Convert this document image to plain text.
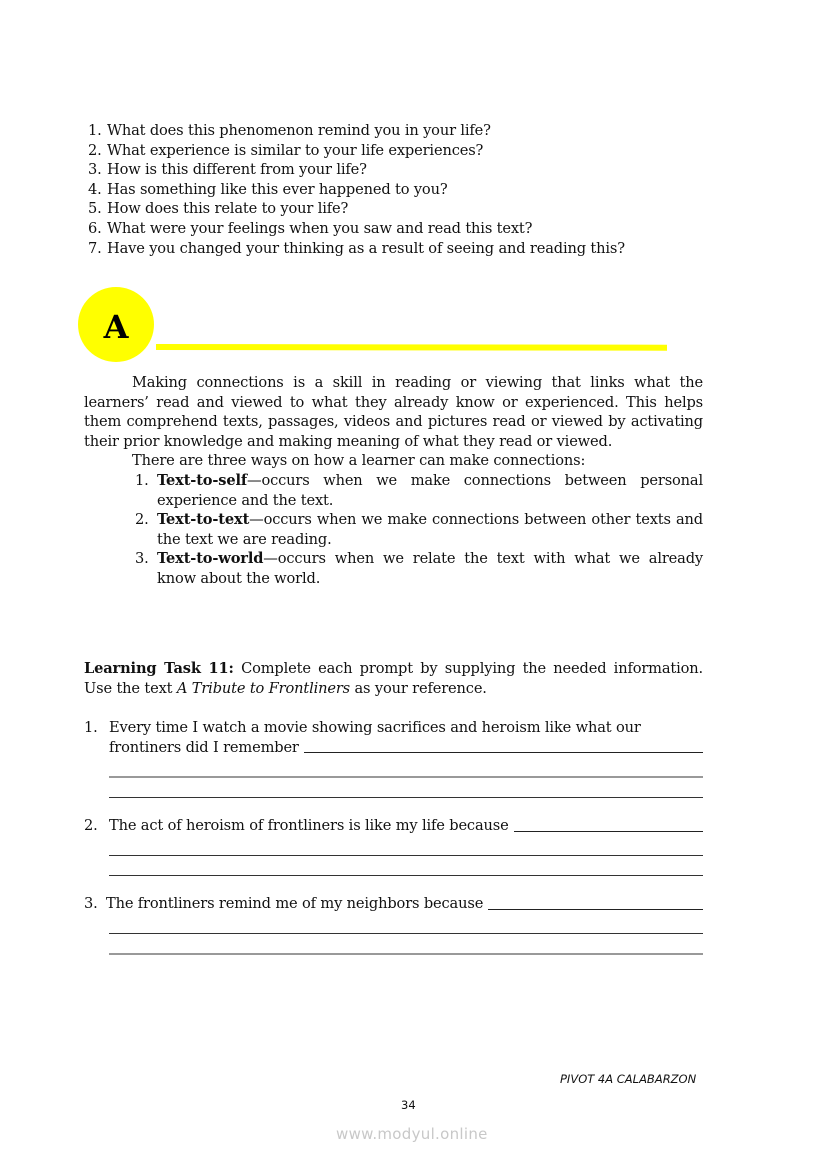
1. What does this phenomenon remind you in your life?
2. What experience is similar to your life experiences?
3. How is this different from your life?
4. Has something like this ever happened to you?
5. How does this relate to your life?
6. What were your feelings when you saw and read this text?
7. Have you changed your thinking as a result of seeing and reading this?
A

Making connections is a skill in reading or viewing that links what the learners’ read and viewed to what they already know or experienced. This helps them comprehend texts, passages, videos and pictures read or viewed by activating their prior knowledge and making meaning of what they read or viewed.

There are three ways on how a learner can make connections:

1. Text-to-self—occurs when we make connections between personal experience and the text.
2. Text-to-text—occurs when we make connections between other texts and the text we are reading.
3. Text-to-world—occurs when we relate the text with what we already know about the world.

Learning Task 11: Complete each prompt by supplying the needed information. Use the text A Tribute to Frontliners as your reference.

1. Every time I watch a movie showing sacrifices and heroism like what our
frontiners did I remember
2. The act of heroism of frontliners is like my life because
3. The frontliners remind me of my neighbors because
PIVOT 4A CALABARZON
34
www.modyul.online
